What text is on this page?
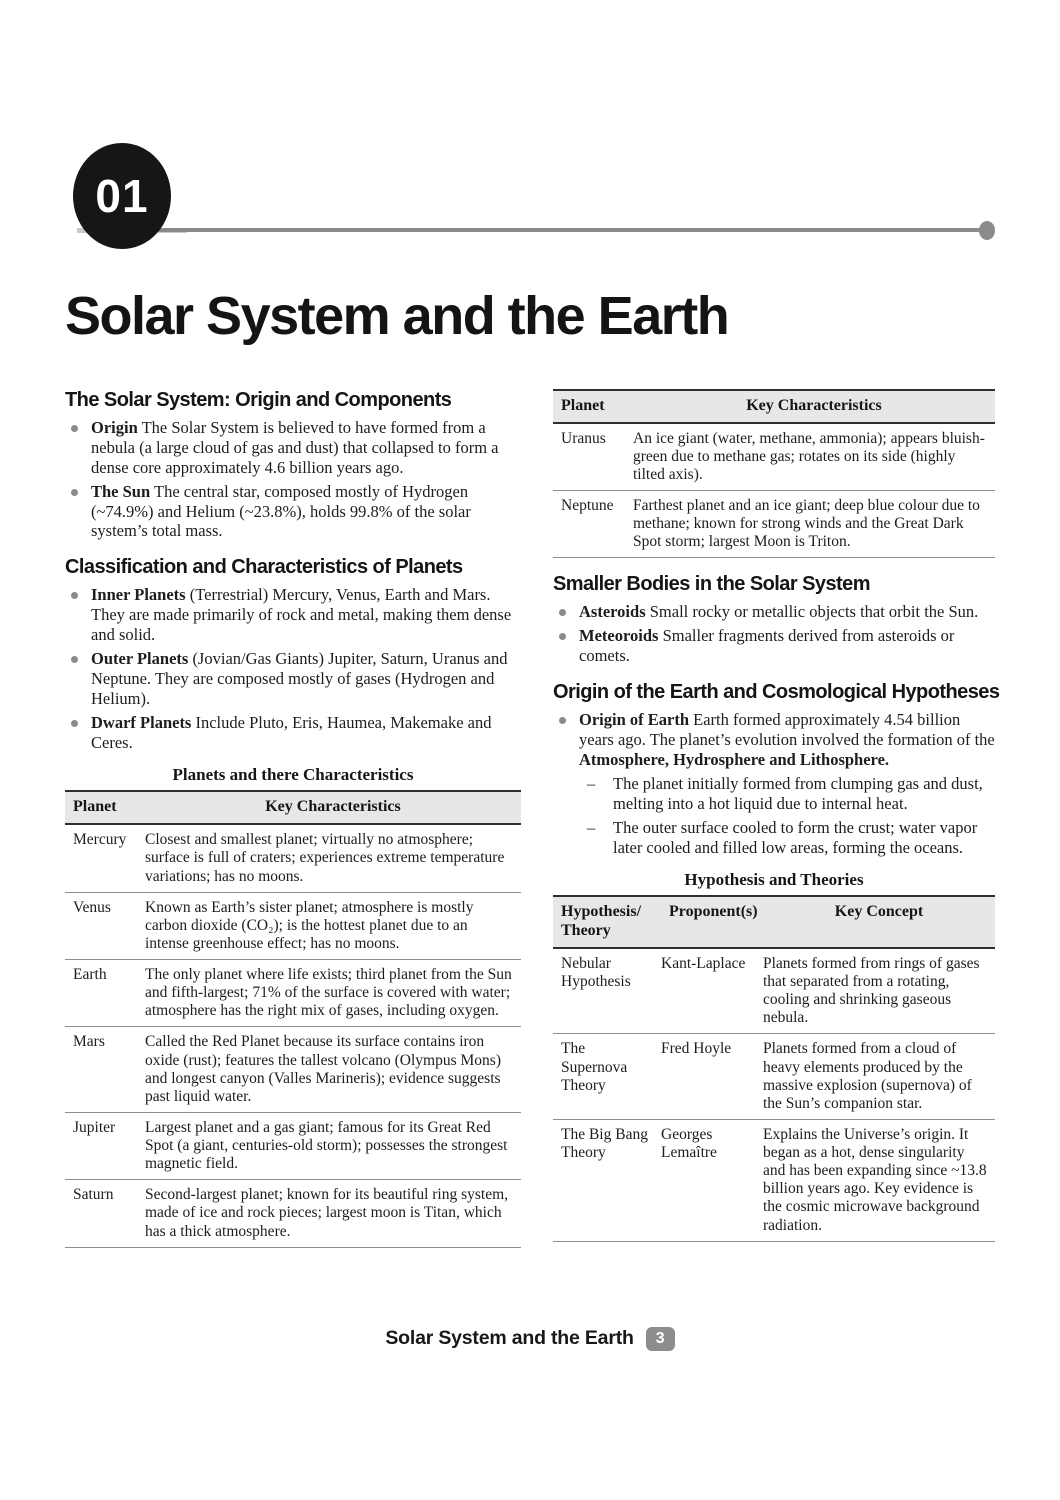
01
Solar System and the Earth
The Solar System: Origin and Components

Origin The Solar System is believed to have formed from a nebula (a large cloud of gas and dust) that collapsed to form a dense core approximately 4.6 billion years ago.

The Sun The central star, composed mostly of Hydrogen (~74.9%) and Helium (~23.8%), holds 99.8% of the solar system’s total mass.

Classification and Characteristics of Planets

Inner Planets (Terrestrial) Mercury, Venus, Earth and Mars. They are made primarily of rock and metal, making them dense and solid.

Outer Planets (Jovian/Gas Giants) Jupiter, Saturn, Uranus and Neptune. They are composed mostly of gases (Hydrogen and Helium).

Dwarf Planets Include Pluto, Eris, Haumea, Makemake and Ceres.

Planets and there Characteristics
Planet	Key Characteristics
Mercury	Closest and smallest planet; virtually no atmosphere; surface is full of craters; experiences extreme temperature variations; has no moons.
Venus	Known as Earth’s sister planet; atmosphere is mostly carbon dioxide (CO₂); is the hottest planet due to an intense greenhouse effect; has no moons.
Earth	The only planet where life exists; third planet from the Sun and fifth-largest; 71% of the surface is covered with water; atmosphere has the right mix of gases, including oxygen.
Mars	Called the Red Planet because its surface contains iron oxide (rust); features the tallest volcano (Olympus Mons) and longest canyon (Valles Marineris); evidence suggests past liquid water.
Jupiter	Largest planet and a gas giant; famous for its Great Red Spot (a giant, centuries-old storm); possesses the strongest magnetic field.
Saturn	Second-largest planet; known for its beautiful ring system, made of ice and rock pieces; largest moon is Titan, which has a thick atmosphere.
Planet	Key Characteristics
Uranus	An ice giant (water, methane, ammonia); appears bluish-green due to methane gas; rotates on its side (highly tilted axis).
Neptune	Farthest planet and an ice giant; deep blue colour due to methane; known for strong winds and the Great Dark Spot storm; largest Moon is Triton.
Smaller Bodies in the Solar System

Asteroids Small rocky or metallic objects that orbit the Sun.

Meteoroids Smaller fragments derived from asteroids or comets.

Origin of the Earth and Cosmological Hypotheses

Origin of Earth Earth formed approximately 4.54 billion years ago. The planet’s evolution involved the formation of the Atmosphere, Hydrosphere and Lithosphere.

– The planet initially formed from clumping gas and dust, melting into a hot liquid due to internal heat.

– The outer surface cooled to form the crust; water vapor later cooled and filled low areas, forming the oceans.

Hypothesis and Theories
Hypothesis/ Theory	Proponent(s)	Key Concept
Nebular Hypothesis	Kant-Laplace	Planets formed from rings of gases that separated from a rotating, cooling and shrinking gaseous nebula.
The Supernova Theory	Fred Hoyle	Planets formed from a cloud of heavy elements produced by the massive explosion (supernova) of the Sun’s companion star.
The Big Bang Theory	Georges Lemaître	Explains the Universe’s origin. It began as a hot, dense singularity and has been expanding since ~13.8 billion years ago. Key evidence is the cosmic microwave background radiation.
Solar System and the Earth	3
